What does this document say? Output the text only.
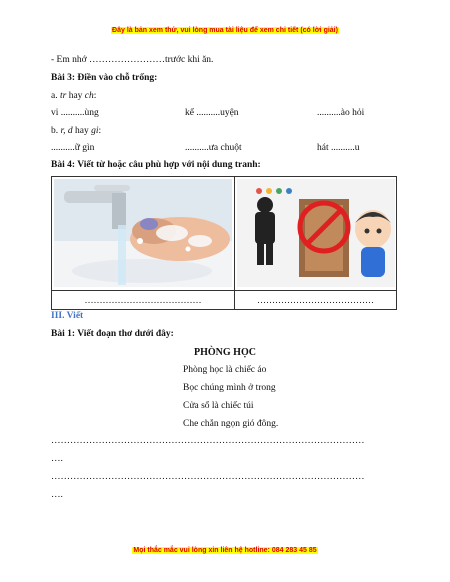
Đây là bản xem thử, vui lòng mua tài liệu để xem chi tiết (có lời giải)
- Em nhớ ……………………trước khi ăn.
Bài 3: Điền vào chỗ trống:
a. tr hay ch:
vi ..........ùng	kể ..........uyện	..........ào hỏi
b. r, d hay gi:
..........ữ gìn	..........ưa chuột	hát ..........u
Bài 4: Viết từ hoặc câu phù hợp với nội dung tranh:

…………………………………	…………………………………
III. Viết
Bài 1: Viết đoạn thơ dưới đây:
PHÒNG HỌC
Phòng học là chiếc áo
Bọc chúng mình ở trong
Cửa sổ là chiếc túi
Che chắn ngọn gió đông.
………………………………………………………………………………………
….
………………………………………………………………………………………
….
Mọi thắc mắc vui lòng xin liên hệ hotline: 084 283 45 85
